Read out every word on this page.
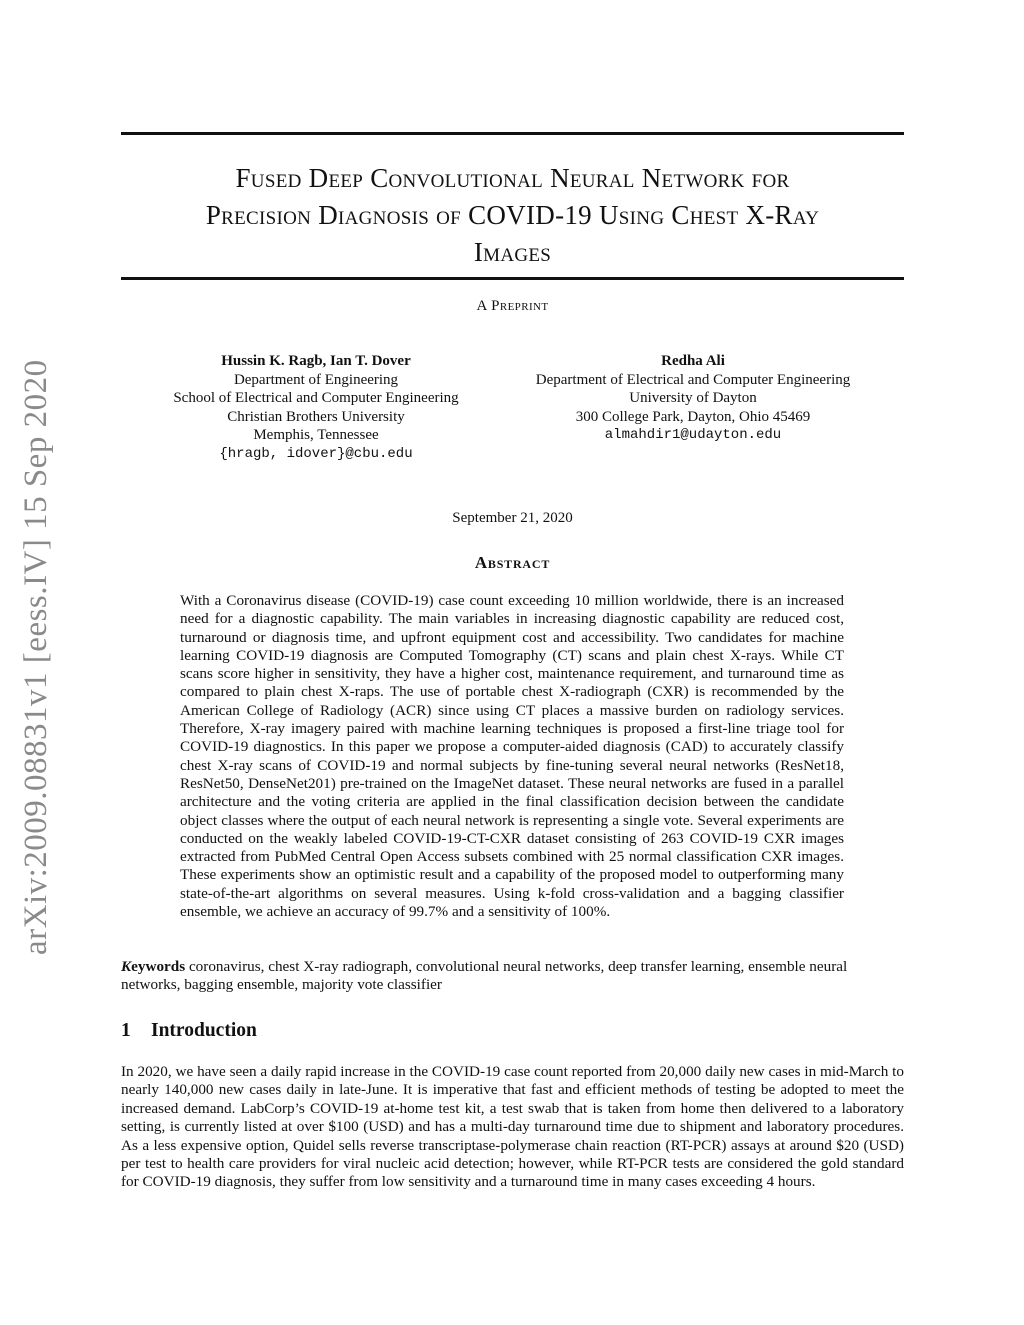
arXiv:2009.08831v1 [eess.IV] 15 Sep 2020
Fused Deep Convolutional Neural Network for
Precision Diagnosis of COVID-19 Using Chest X-Ray
Images
A Preprint
Hussin K. Ragb, Ian T. Dover
Department of Engineering
School of Electrical and Computer Engineering
Christian Brothers University
Memphis, Tennessee
{hragb, idover}@cbu.edu
Redha Ali
Department of Electrical and Computer Engineering
University of Dayton
300 College Park, Dayton, Ohio 45469
almahdir1@udayton.edu
September 21, 2020
Abstract
With a Coronavirus disease (COVID-19) case count exceeding 10 million worldwide, there is an increased need for a diagnostic capability. The main variables in increasing diagnostic capability are reduced cost, turnaround or diagnosis time, and upfront equipment cost and accessibility. Two candidates for machine learning COVID-19 diagnosis are Computed Tomography (CT) scans and plain chest X-rays. While CT scans score higher in sensitivity, they have a higher cost, maintenance requirement, and turnaround time as compared to plain chest X-raps. The use of portable chest X-radiograph (CXR) is recommended by the American College of Radiology (ACR) since using CT places a massive burden on radiology services. Therefore, X-ray imagery paired with machine learning techniques is proposed a first-line triage tool for COVID-19 diagnostics. In this paper we propose a computer-aided diagnosis (CAD) to accurately classify chest X-ray scans of COVID-19 and normal subjects by fine-tuning several neural networks (ResNet18, ResNet50, DenseNet201) pre-trained on the ImageNet dataset. These neural networks are fused in a parallel architecture and the voting criteria are applied in the final classification decision between the candidate object classes where the output of each neural network is representing a single vote. Several experiments are conducted on the weakly labeled COVID-19-CT-CXR dataset consisting of 263 COVID-19 CXR images extracted from PubMed Central Open Access subsets combined with 25 normal classification CXR images. These experiments show an optimistic result and a capability of the proposed model to outperforming many state-of-the-art algorithms on several measures. Using k-fold cross-validation and a bagging classifier ensemble, we achieve an accuracy of 99.7% and a sensitivity of 100%.
Keywords coronavirus, chest X-ray radiograph, convolutional neural networks, deep transfer learning, ensemble neural networks, bagging ensemble, majority vote classifier
1 Introduction
In 2020, we have seen a daily rapid increase in the COVID-19 case count reported from 20,000 daily new cases in mid-March to nearly 140,000 new cases daily in late-June. It is imperative that fast and efficient methods of testing be adopted to meet the increased demand. LabCorp’s COVID-19 at-home test kit, a test swab that is taken from home then delivered to a laboratory setting, is currently listed at over $100 (USD) and has a multi-day turnaround time due to shipment and laboratory procedures. As a less expensive option, Quidel sells reverse transcriptase-polymerase chain reaction (RT-PCR) assays at around $20 (USD) per test to health care providers for viral nucleic acid detection; however, while RT-PCR tests are considered the gold standard for COVID-19 diagnosis, they suffer from low sensitivity and a turnaround time in many cases exceeding 4 hours.
